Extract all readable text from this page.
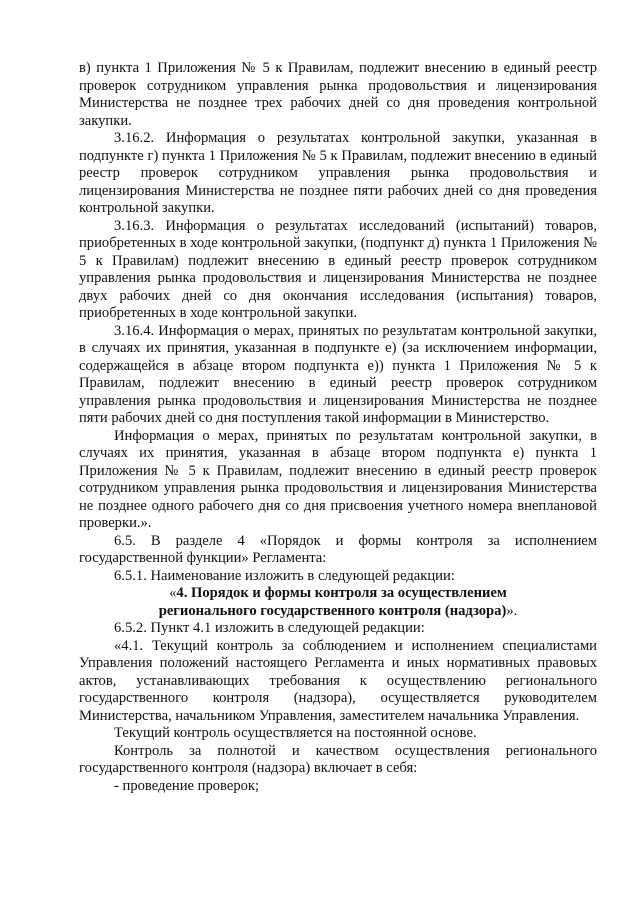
в) пункта 1 Приложения № 5 к Правилам, подлежит внесению в единый реестр проверок сотрудником управления рынка продовольствия и лицензирования Министерства не позднее трех рабочих дней со дня проведения контрольной закупки.

3.16.2. Информация о результатах контрольной закупки, указанная в подпункте г) пункта 1 Приложения № 5 к Правилам, подлежит внесению в единый реестр проверок сотрудником управления рынка продовольствия и лицензирования Министерства не позднее пяти рабочих дней со дня проведения контрольной закупки.

3.16.3. Информация о результатах исследований (испытаний) товаров, приобретенных в ходе контрольной закупки, (подпункт д) пункта 1 Приложения № 5 к Правилам) подлежит внесению в единый реестр проверок сотрудником управления рынка продовольствия и лицензирования Министерства не позднее двух рабочих дней со дня окончания исследования (испытания) товаров, приобретенных в ходе контрольной закупки.

3.16.4. Информация о мерах, принятых по результатам контрольной закупки, в случаях их принятия, указанная в подпункте е) (за исключением информации, содержащейся в абзаце втором подпункта е)) пункта 1 Приложения № 5 к Правилам, подлежит внесению в единый реестр проверок сотрудником управления рынка продовольствия и лицензирования Министерства не позднее пяти рабочих дней со дня поступления такой информации в Министерство.

Информация о мерах, принятых по результатам контрольной закупки, в случаях их принятия, указанная в абзаце втором подпункта е) пункта 1 Приложения № 5 к Правилам, подлежит внесению в единый реестр проверок сотрудником управления рынка продовольствия и лицензирования Министерства не позднее одного рабочего дня со дня присвоения учетного номера внеплановой проверки.».

6.5. В разделе 4 «Порядок и формы контроля за исполнением государственной функции» Регламента:

6.5.1. Наименование изложить в следующей редакции:

«4. Порядок и формы контроля за осуществлением

регионального государственного контроля (надзора)».

6.5.2. Пункт 4.1 изложить в следующей редакции:

«4.1. Текущий контроль за соблюдением и исполнением специалистами Управления положений настоящего Регламента и иных нормативных правовых актов, устанавливающих требования к осуществлению регионального государственного контроля (надзора), осуществляется руководителем Министерства, начальником Управления, заместителем начальника Управления.

Текущий контроль осуществляется на постоянной основе.

Контроль за полнотой и качеством осуществления регионального государственного контроля (надзора) включает в себя:

- проведение проверок;
